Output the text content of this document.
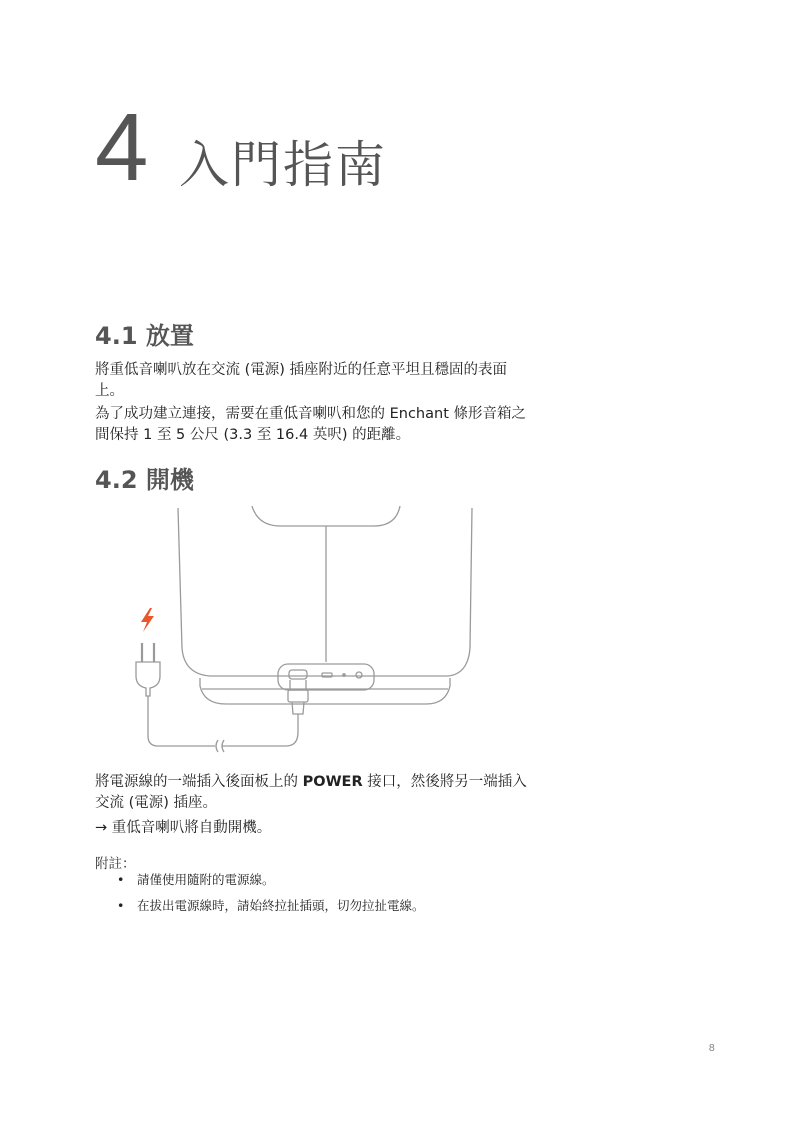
4 入門指南
4.1 放置

將重低音喇叭放在交流 (電源) 插座附近的任意平坦且穩固的表面上。

為了成功建立連接，需要在重低音喇叭和您的 Enchant 條形音箱之間保持 1 至 5 公尺 (3.3 至 16.4 英呎) 的距離。

4.2 開機

將電源線的一端插入後面板上的 POWER 接口，然後將另一端插入交流 (電源) 插座。

→ 重低音喇叭將自動開機。

附註：
• 請僅使用隨附的電源線。
• 在拔出電源線時，請始終拉扯插頭，切勿拉扯電線。
8
